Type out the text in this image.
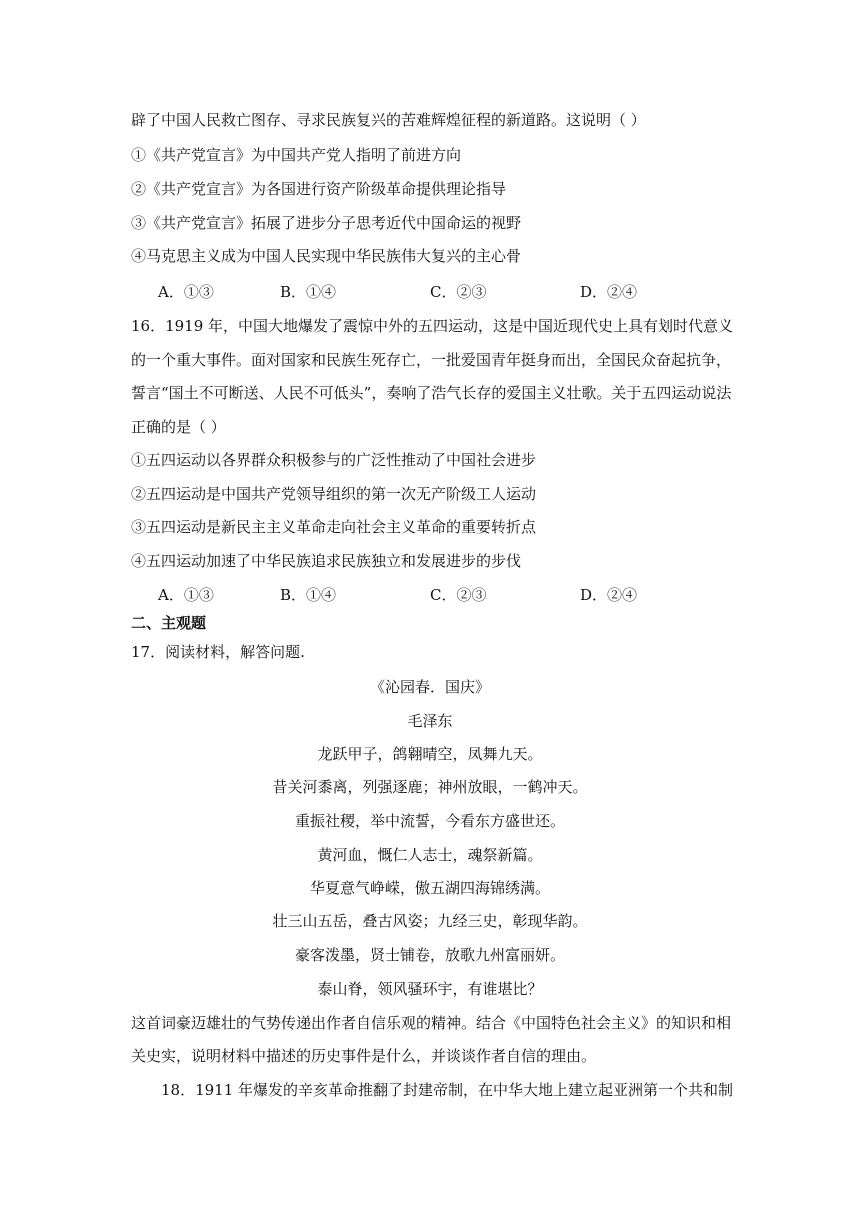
辟了中国人民救亡图存、寻求民族复兴的苦难辉煌征程的新道路。这说明（ ）
①《共产党宣言》为中国共产党人指明了前进方向
②《共产党宣言》为各国进行资产阶级革命提供理论指导
③《共产党宣言》拓展了进步分子思考近代中国命运的视野
④马克思主义成为中国人民实现中华民族伟大复兴的主心骨
A．①③	B．①④	C．②③	D．②④
16．1919 年，中国大地爆发了震惊中外的五四运动，这是中国近现代史上具有划时代意义
的一个重大事件。面对国家和民族生死存亡，一批爱国青年挺身而出，全国民众奋起抗争，
誓言“国土不可断送、人民不可低头”，奏响了浩气长存的爱国主义壮歌。关于五四运动说法
正确的是（ ）
①五四运动以各界群众积极参与的广泛性推动了中国社会进步
②五四运动是中国共产党领导组织的第一次无产阶级工人运动
③五四运动是新民主主义革命走向社会主义革命的重要转折点
④五四运动加速了中华民族追求民族独立和发展进步的步伐
A．①③	B．①④	C．②③	D．②④
二、主观题
17．阅读材料，解答问题.
《沁园春．国庆》
毛泽东
龙跃甲子，鸽翱晴空，凤舞九天。
昔关河黍离，列强逐鹿；神州放眼，一鹤冲天。
重振社稷，举中流誓，今看东方盛世还。
黄河血，慨仁人志士，魂祭新篇。
华夏意气峥嵘，傲五湖四海锦绣满。
壮三山五岳，叠古风姿；九经三史，彰现华韵。
豪客泼墨，贤士铺卷，放歌九州富丽妍。
泰山脊，领风骚环宇，有谁堪比？
这首词豪迈雄壮的气势传递出作者自信乐观的精神。结合《中国特色社会主义》的知识和相
关史实，说明材料中描述的历史事件是什么，并谈谈作者自信的理由。
18．1911 年爆发的辛亥革命推翻了封建帝制，在中华大地上建立起亚洲第一个共和制
